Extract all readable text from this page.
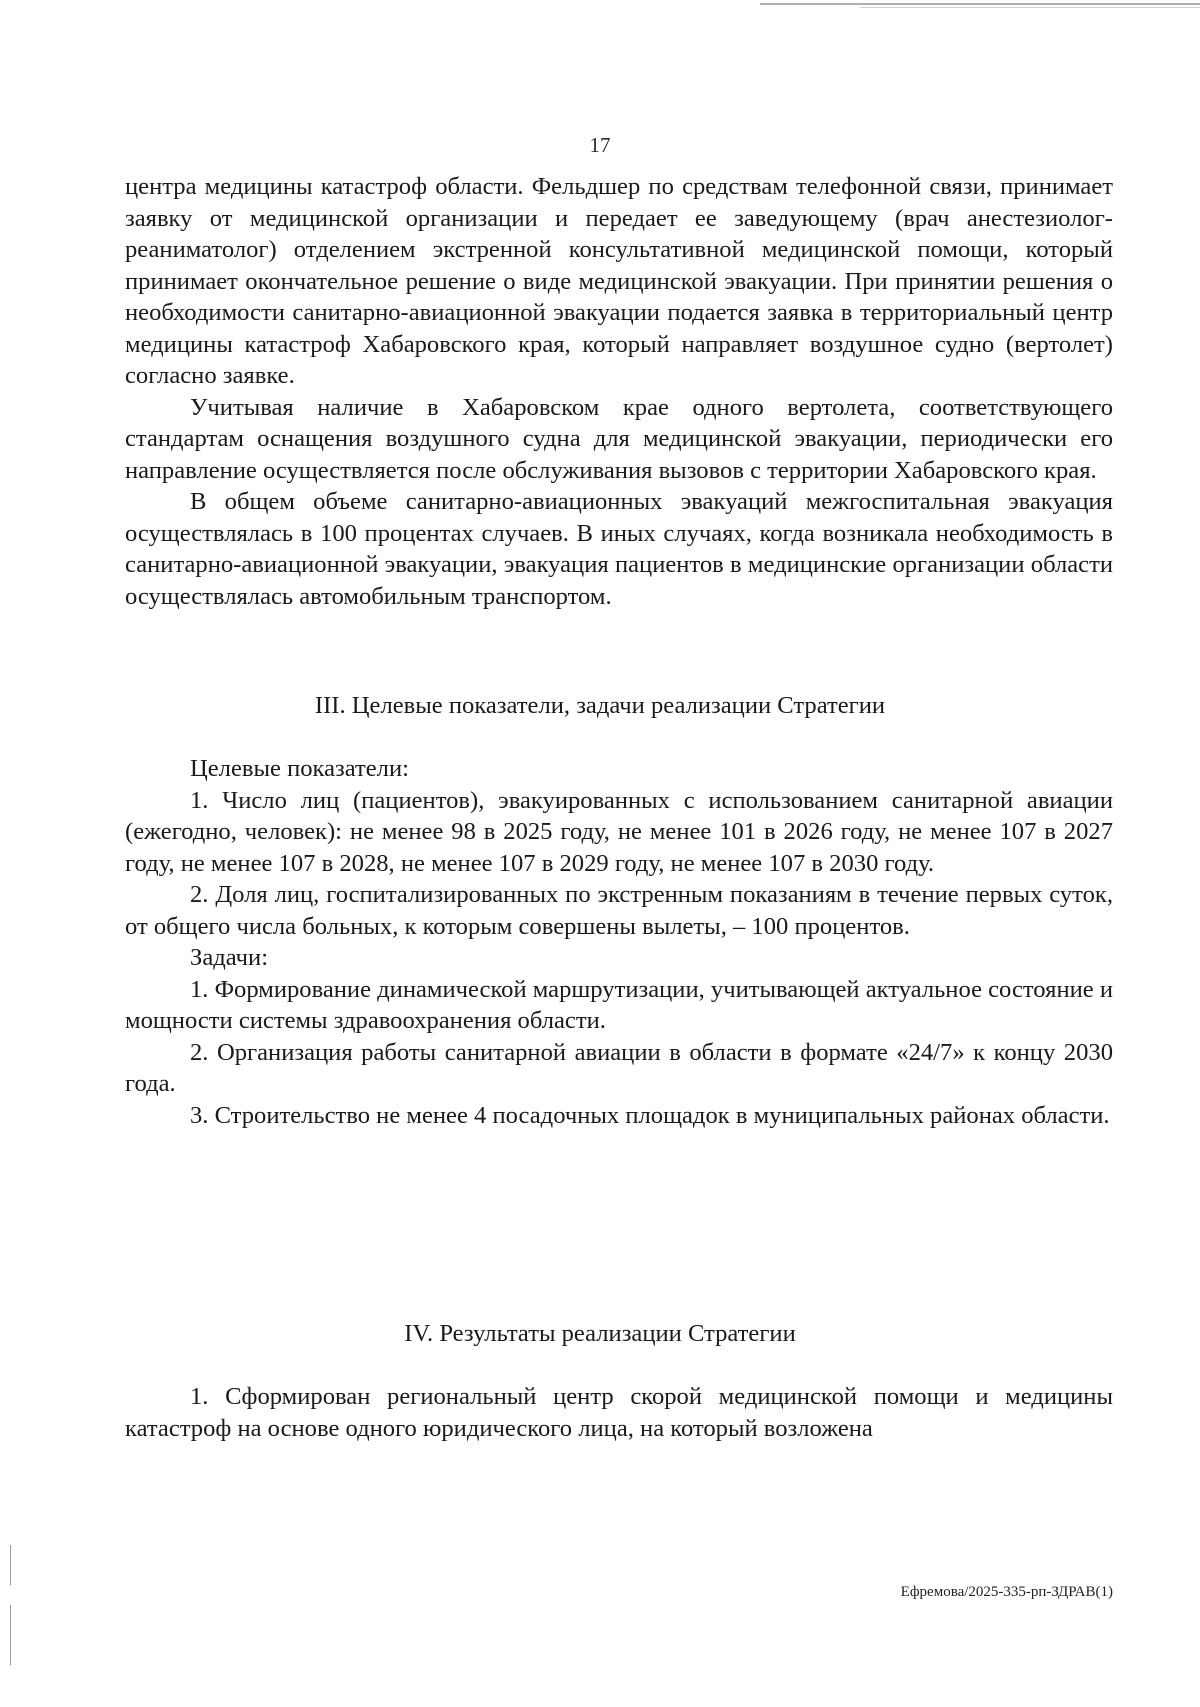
17

центра медицины катастроф области. Фельдшер по средствам телефонной связи, принимает заявку от медицинской организации и передает ее заведующему (врач анестезиолог-реаниматолог) отделением экстренной консультативной медицинской помощи, который принимает окончательное решение о виде медицинской эвакуации. При принятии решения о необходимости санитарно-авиационной эвакуации подается заявка в территориальный центр медицины катастроф Хабаровского края, который направляет воздушное судно (вертолет) согласно заявке.

Учитывая наличие в Хабаровском крае одного вертолета, соответствующего стандартам оснащения воздушного судна для медицинской эвакуации, периодически его направление осуществляется после обслуживания вызовов с территории Хабаровского края.

В общем объеме санитарно-авиационных эвакуаций межгоспитальная эвакуация осуществлялась в 100 процентах случаев. В иных случаях, когда возникала необходимость в санитарно-авиационной эвакуации, эвакуация пациентов в медицинские организации области осуществлялась автомобильным транспортом.

III. Целевые показатели, задачи реализации Стратегии

Целевые показатели:

1. Число лиц (пациентов), эвакуированных с использованием санитарной авиации (ежегодно, человек): не менее 98 в 2025 году, не менее 101 в 2026 году, не менее 107 в 2027 году, не менее 107 в 2028, не менее 107 в 2029 году, не менее 107 в 2030 году.

2. Доля лиц, госпитализированных по экстренным показаниям в течение первых суток, от общего числа больных, к которым совершены вылеты, – 100 процентов.

Задачи:

1. Формирование динамической маршрутизации, учитывающей актуальное состояние и мощности системы здравоохранения области.

2. Организация работы санитарной авиации в области в формате «24/7» к концу 2030 года.

3. Строительство не менее 4 посадочных площадок в муниципальных районах области.

IV. Результаты реализации Стратегии

1. Сформирован региональный центр скорой медицинской помощи и медицины катастроф на основе одного юридического лица, на который возложена

Ефремова/2025-335-рп-ЗДРАВ(1)
